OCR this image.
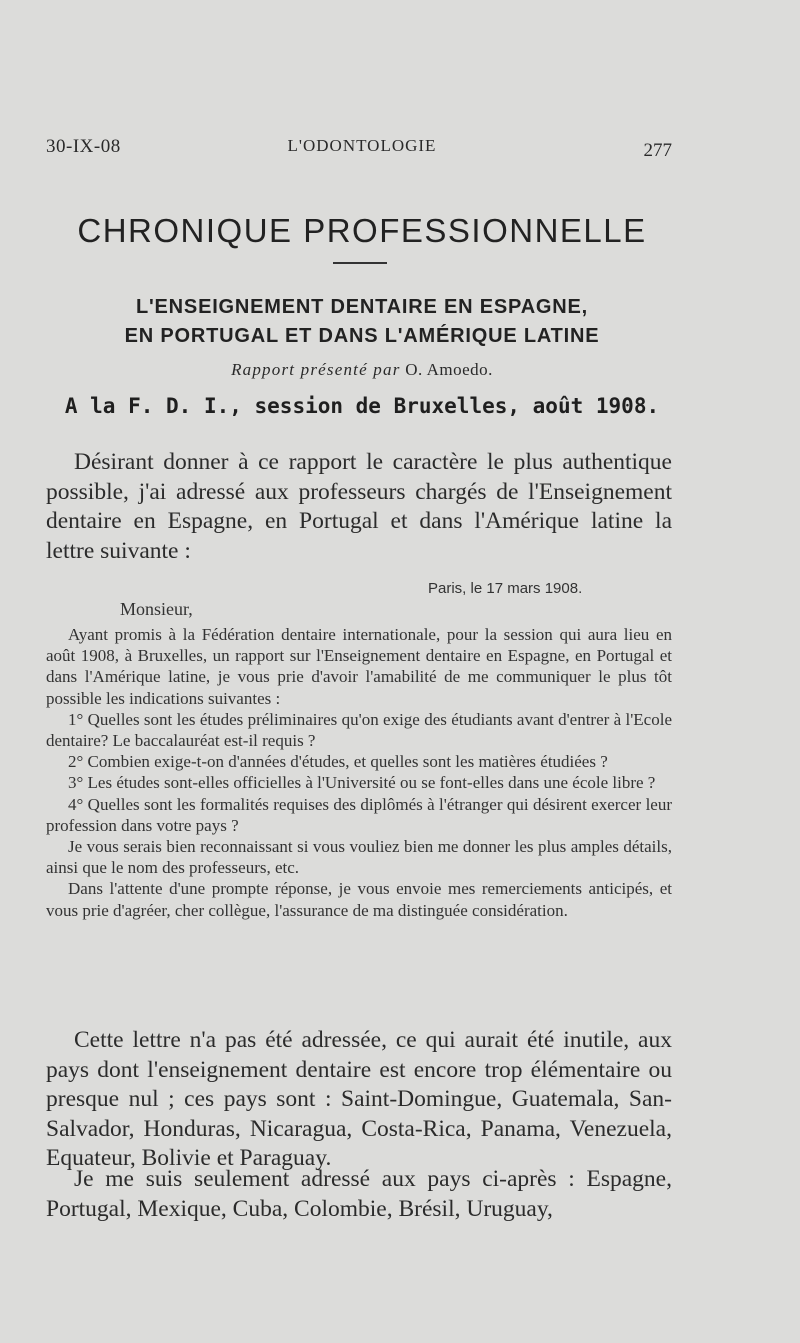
30-IX-08	L'ODONTOLOGIE	277
CHRONIQUE PROFESSIONNELLE
L'ENSEIGNEMENT DENTAIRE EN ESPAGNE,
EN PORTUGAL ET DANS L'AMÉRIQUE LATINE
Rapport présenté par O. Amoedo.
A la F. D. I., session de Bruxelles, août 1908.
Désirant donner à ce rapport le caractère le plus authentique possible, j'ai adressé aux professeurs chargés de l'Enseignement dentaire en Espagne, en Portugal et dans l'Amérique latine la lettre suivante :
Paris, le 17 mars 1908.
Monsieur,

Ayant promis à la Fédération dentaire internationale, pour la session qui aura lieu en août 1908, à Bruxelles, un rapport sur l'Enseignement dentaire en Espagne, en Portugal et dans l'Amérique latine, je vous prie d'avoir l'amabilité de me communiquer le plus tôt possible les indications suivantes :

1° Quelles sont les études préliminaires qu'on exige des étudiants avant d'entrer à l'Ecole dentaire? Le baccalauréat est-il requis ?

2° Combien exige-t-on d'années d'études, et quelles sont les matières étudiées ?

3° Les études sont-elles officielles à l'Université ou se font-elles dans une école libre ?

4° Quelles sont les formalités requises des diplômés à l'étranger qui désirent exercer leur profession dans votre pays ?

Je vous serais bien reconnaissant si vous vouliez bien me donner les plus amples détails, ainsi que le nom des professeurs, etc.

Dans l'attente d'une prompte réponse, je vous envoie mes remerciements anticipés, et vous prie d'agréer, cher collègue, l'assurance de ma distinguée considération.

Cette lettre n'a pas été adressée, ce qui aurait été inutile, aux pays dont l'enseignement dentaire est encore trop élémentaire ou presque nul ; ces pays sont : Saint-Domingue, Guatemala, San-Salvador, Honduras, Nicaragua, Costa-Rica, Panama, Venezuela, Equateur, Bolivie et Paraguay.
Je me suis seulement adressé aux pays ci-après : Espagne, Portugal, Mexique, Cuba, Colombie, Brésil, Uruguay,
